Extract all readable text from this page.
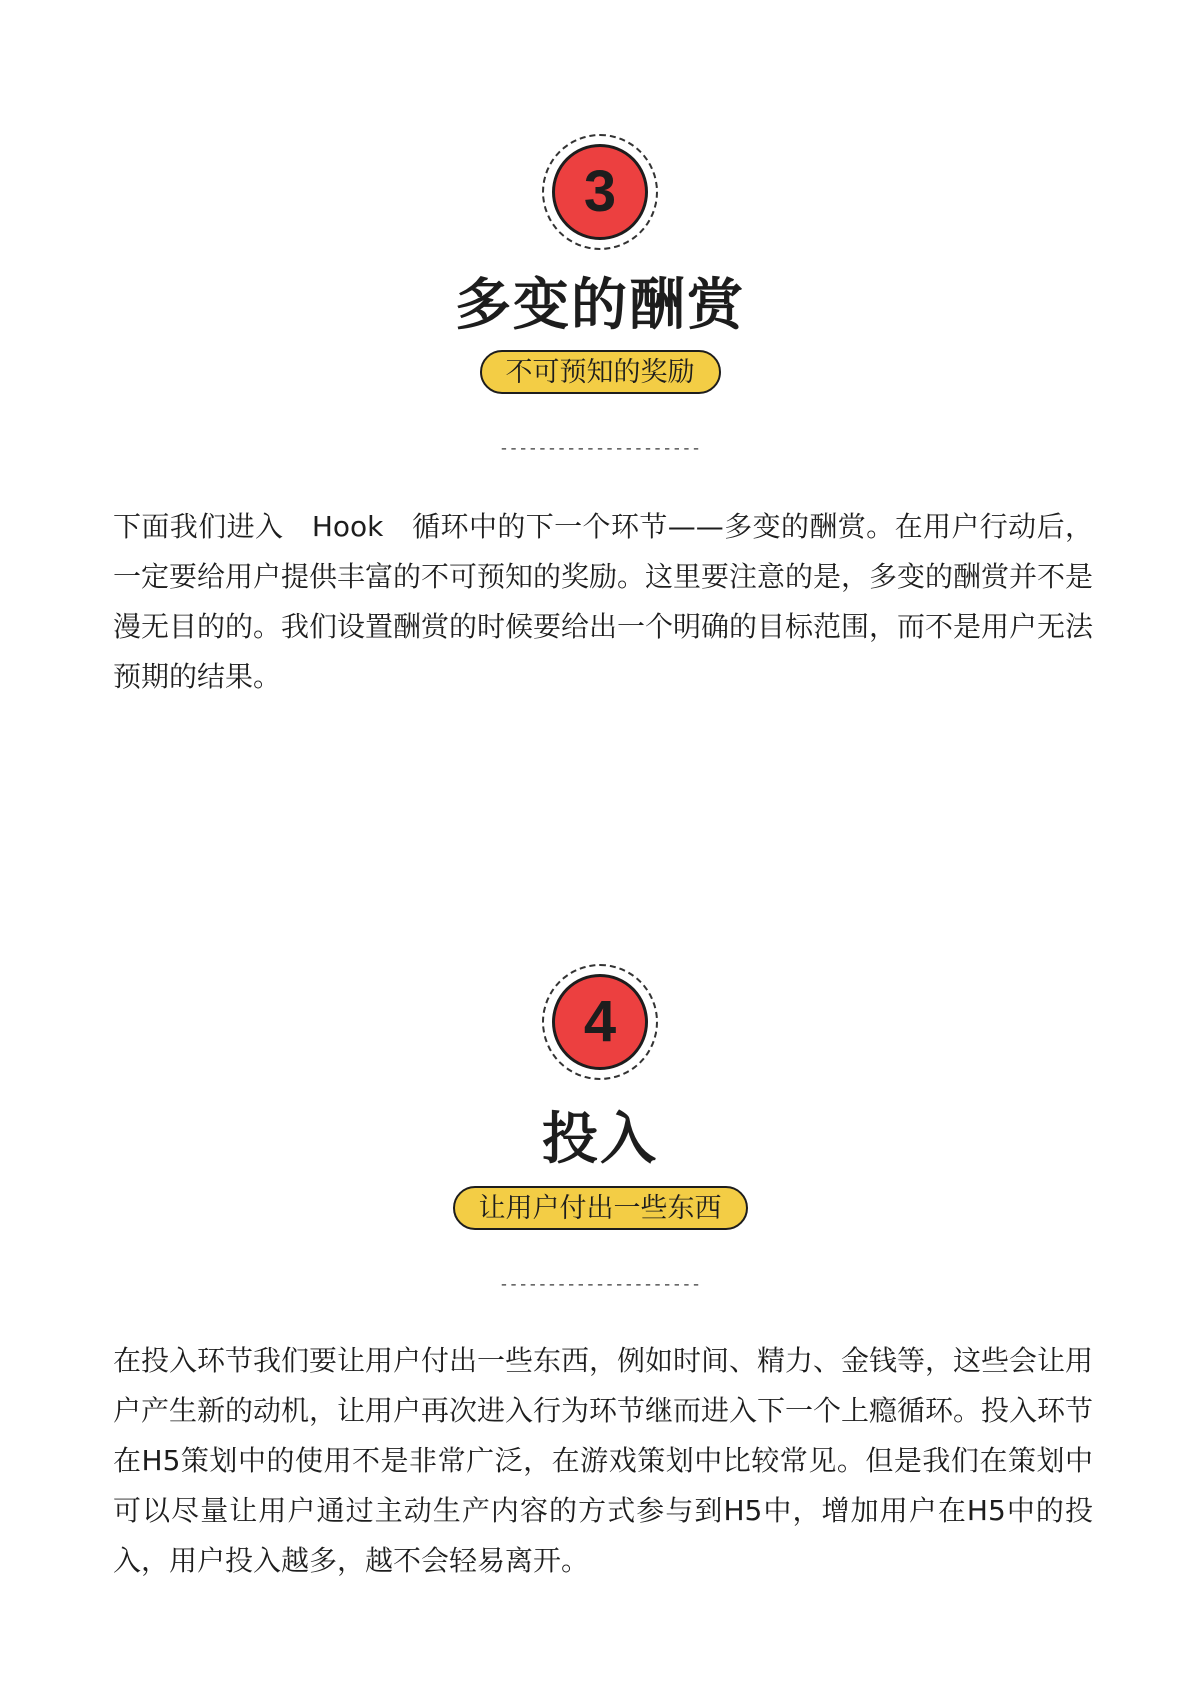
3
多变的酬赏
不可预知的奖励
---------------------

下面我们进入　Hook　循环中的下一个环节——多变的酬赏。在用户行动后，一定要给用户提供丰富的不可预知的奖励。这里要注意的是，多变的酬赏并不是漫无目的的。我们设置酬赏的时候要给出一个明确的目标范围，而不是用户无法预期的结果。

4
投入
让用户付出一些东西
---------------------

在投入环节我们要让用户付出一些东西，例如时间、精力、金钱等，这些会让用户产生新的动机，让用户再次进入行为环节继而进入下一个上瘾循环。投入环节在H5策划中的使用不是非常广泛，在游戏策划中比较常见。但是我们在策划中可以尽量让用户通过主动生产内容的方式参与到H5中，增加用户在H5中的投入，用户投入越多，越不会轻易离开。
